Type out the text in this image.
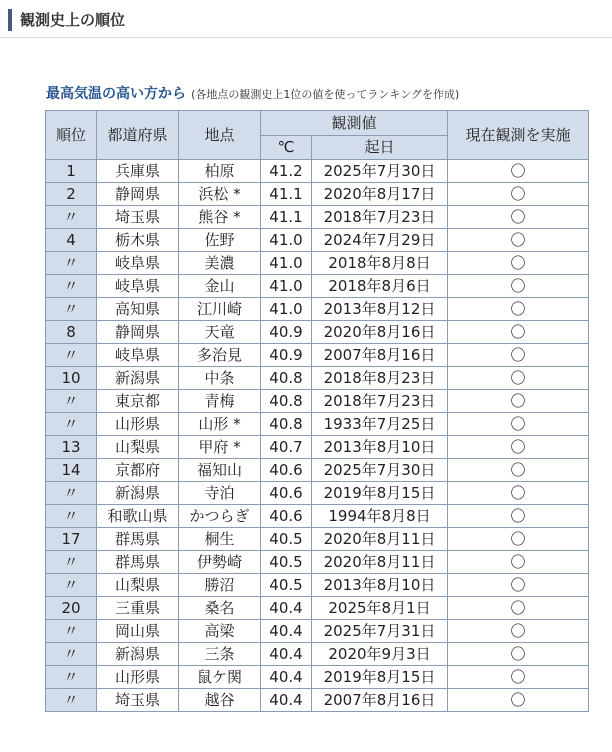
観測史上の順位
最高気温の高い方から (各地点の観測史上1位の値を使ってランキングを作成)
順位	都道府県	地点	観測値		現在観測を実施
			℃	起日	
1	兵庫県	柏原	41.2	2025年7月30日	〇
2	静岡県	浜松 *	41.1	2020年8月17日	〇
〃	埼玉県	熊谷 *	41.1	2018年7月23日	〇
4	栃木県	佐野	41.0	2024年7月29日	〇
〃	岐阜県	美濃	41.0	2018年8月8日	〇
〃	岐阜県	金山	41.0	2018年8月6日	〇
〃	高知県	江川崎	41.0	2013年8月12日	〇
8	静岡県	天竜	40.9	2020年8月16日	〇
〃	岐阜県	多治見	40.9	2007年8月16日	〇
10	新潟県	中条	40.8	2018年8月23日	〇
〃	東京都	青梅	40.8	2018年7月23日	〇
〃	山形県	山形 *	40.8	1933年7月25日	〇
13	山梨県	甲府 *	40.7	2013年8月10日	〇
14	京都府	福知山	40.6	2025年7月30日	〇
〃	新潟県	寺泊	40.6	2019年8月15日	〇
〃	和歌山県	かつらぎ	40.6	1994年8月8日	〇
17	群馬県	桐生	40.5	2020年8月11日	〇
〃	群馬県	伊勢崎	40.5	2020年8月11日	〇
〃	山梨県	勝沼	40.5	2013年8月10日	〇
20	三重県	桑名	40.4	2025年8月1日	〇
〃	岡山県	高梁	40.4	2025年7月31日	〇
〃	新潟県	三条	40.4	2020年9月3日	〇
〃	山形県	鼠ケ関	40.4	2019年8月15日	〇
〃	埼玉県	越谷	40.4	2007年8月16日	〇
